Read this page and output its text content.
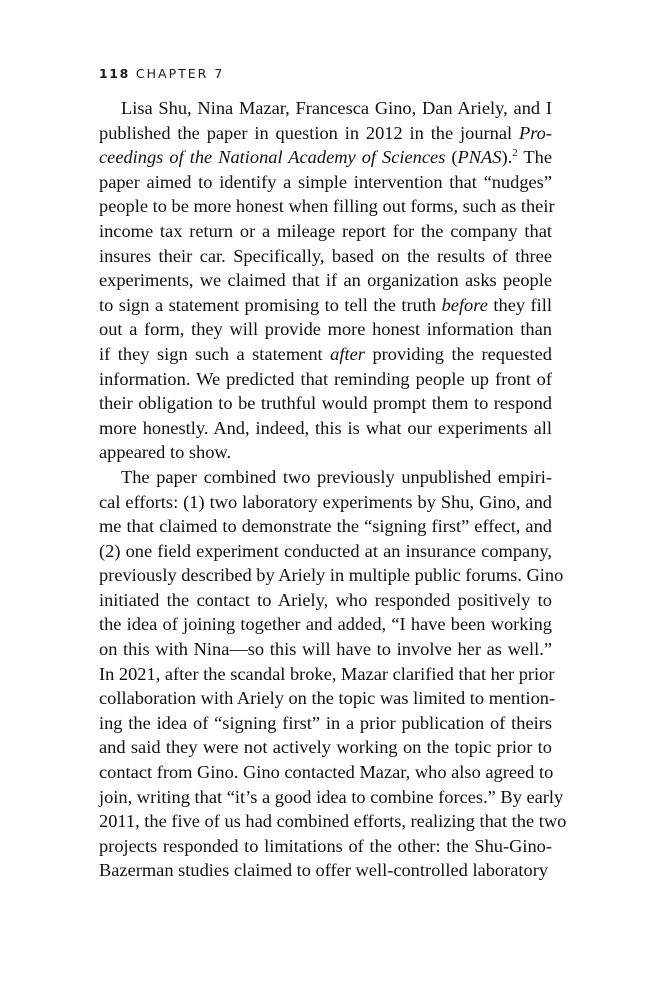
118 CHAPTER 7
Lisa Shu, Nina Mazar, Francesca Gino, Dan Ariely, and I
published the paper in question in 2012 in the journal Pro-
ceedings of the National Academy of Sciences (PNAS).$^2$ The
paper aimed to identify a simple intervention that “nudges”
people to be more honest when filling out forms, such as their
income tax return or a mileage report for the company that
insures their car. Specifically, based on the results of three
experiments, we claimed that if an organization asks people
to sign a statement promising to tell the truth before they fill
out a form, they will provide more honest information than
if they sign such a statement after providing the requested
information. We predicted that reminding people up front of
their obligation to be truthful would prompt them to respond
more honestly. And, indeed, this is what our experiments all
appeared to show.
The paper combined two previously unpublished empiri-
cal efforts: (1) two laboratory experiments by Shu, Gino, and
me that claimed to demonstrate the “signing first” effect, and
(2) one field experiment conducted at an insurance company,
previously described by Ariely in multiple public forums. Gino
initiated the contact to Ariely, who responded positively to
the idea of joining together and added, “I have been working
on this with Nina—so this will have to involve her as well.”
In 2021, after the scandal broke, Mazar clarified that her prior
collaboration with Ariely on the topic was limited to mention-
ing the idea of “signing first” in a prior publication of theirs
and said they were not actively working on the topic prior to
contact from Gino. Gino contacted Mazar, who also agreed to
join, writing that “it’s a good idea to combine forces.” By early
2011, the five of us had combined efforts, realizing that the two
projects responded to limitations of the other: the Shu-Gino-
Bazerman studies claimed to offer well-controlled laboratory
